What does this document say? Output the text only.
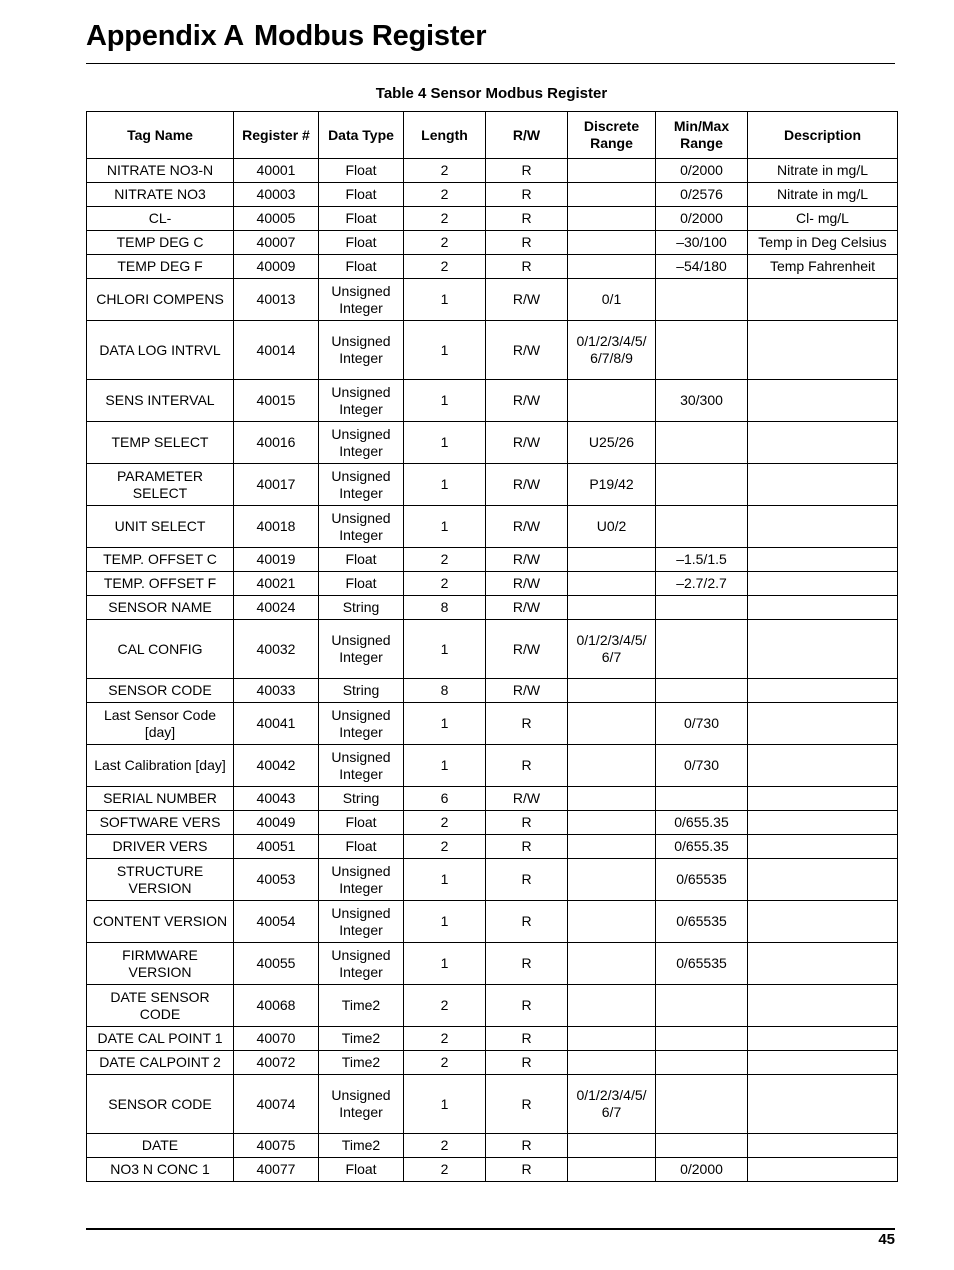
Appendix A Modbus Register
Table 4 Sensor Modbus Register
Tag Name	Register #	Data Type	Length	R/W	Discrete Range	Min/Max Range	Description
NITRATE NO3-N	40001	Float	2	R		0/2000	Nitrate in mg/L
NITRATE NO3	40003	Float	2	R		0/2576	Nitrate in mg/L
CL-	40005	Float	2	R		0/2000	Cl- mg/L
TEMP DEG C	40007	Float	2	R		–30/100	Temp in Deg Celsius
TEMP DEG F	40009	Float	2	R		–54/180	Temp Fahrenheit
CHLORI COMPENS	40013	Unsigned Integer	1	R/W	0/1		
DATA LOG INTRVL	40014	Unsigned Integer	1	R/W	0/1/2/3/4/5/ 6/7/8/9		
SENS INTERVAL	40015	Unsigned Integer	1	R/W		30/300	
TEMP SELECT	40016	Unsigned Integer	1	R/W	U25/26		
PARAMETER SELECT	40017	Unsigned Integer	1	R/W	P19/42		
UNIT SELECT	40018	Unsigned Integer	1	R/W	U0/2		
TEMP. OFFSET C	40019	Float	2	R/W		–1.5/1.5	
TEMP. OFFSET F	40021	Float	2	R/W		–2.7/2.7	
SENSOR NAME	40024	String	8	R/W			
CAL CONFIG	40032	Unsigned Integer	1	R/W	0/1/2/3/4/5/ 6/7		
SENSOR CODE	40033	String	8	R/W			
Last Sensor Code [day]	40041	Unsigned Integer	1	R		0/730	
Last Calibration [day]	40042	Unsigned Integer	1	R		0/730	
SERIAL NUMBER	40043	String	6	R/W			
SOFTWARE VERS	40049	Float	2	R		0/655.35	
DRIVER VERS	40051	Float	2	R		0/655.35	
STRUCTURE VERSION	40053	Unsigned Integer	1	R		0/65535	
CONTENT VERSION	40054	Unsigned Integer	1	R		0/65535	
FIRMWARE VERSION	40055	Unsigned Integer	1	R		0/65535	
DATE SENSOR CODE	40068	Time2	2	R			
DATE CAL POINT 1	40070	Time2	2	R			
DATE CALPOINT 2	40072	Time2	2	R			
SENSOR CODE	40074	Unsigned Integer	1	R	0/1/2/3/4/5/ 6/7		
DATE	40075	Time2	2	R			
NO3 N CONC 1	40077	Float	2	R		0/2000	
45
